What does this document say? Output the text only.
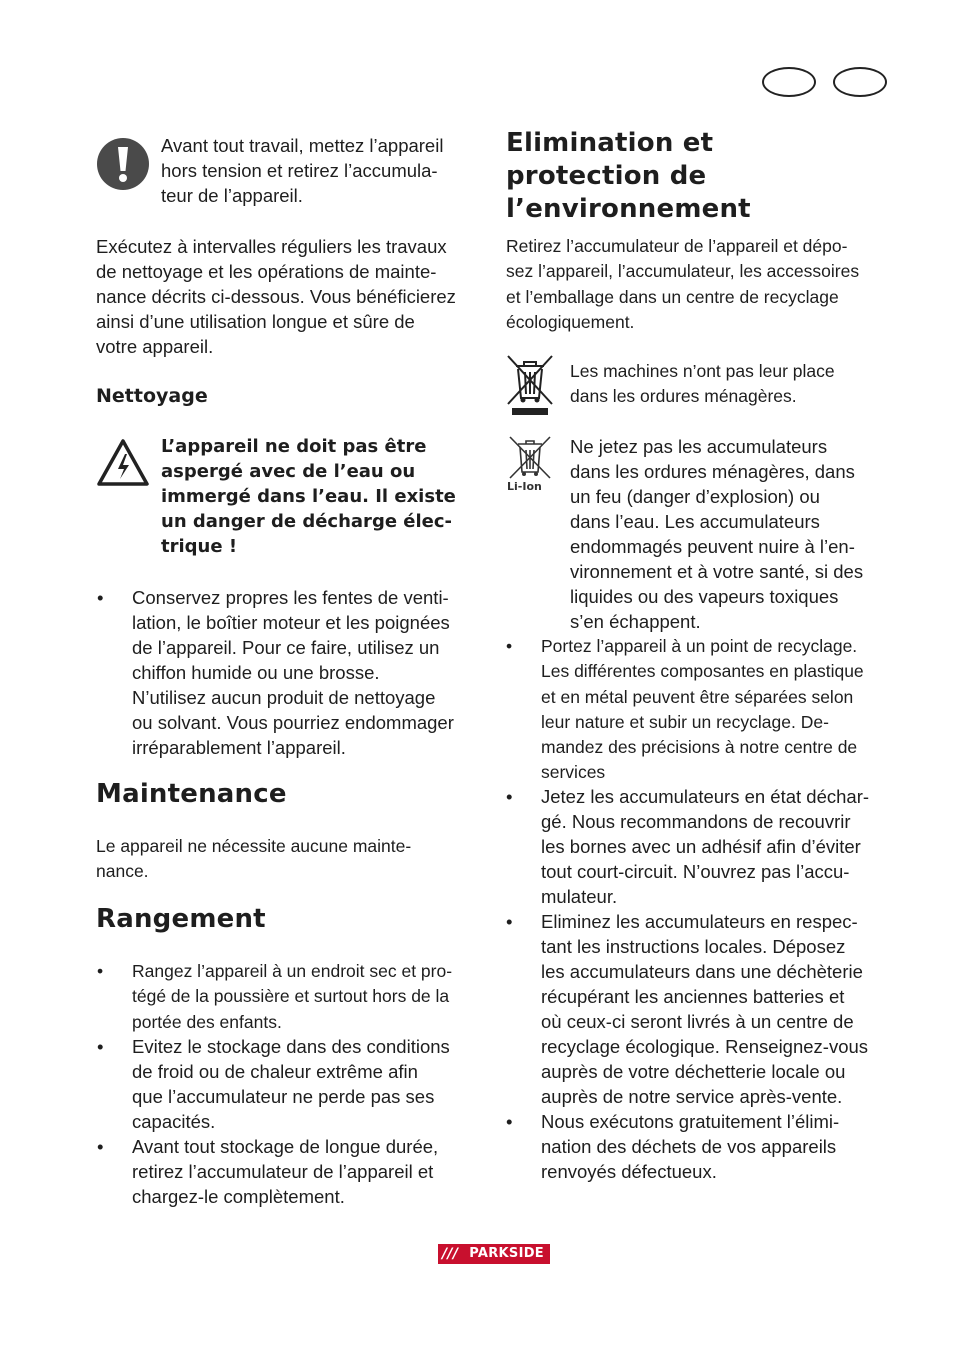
Avant tout travail, mettez l’appareil
hors tension et retirez l’accumula-
teur de l’appareil.
Exécutez à intervalles réguliers les travaux
de nettoyage et les opérations de mainte-
nance décrits ci-dessous. Vous bénéficierez
ainsi d’une utilisation longue et sûre de
votre appareil.
Nettoyage
L’appareil ne doit pas être
aspergé avec de l’eau ou
immergé dans l’eau. Il existe
un danger de décharge élec-
trique !
• Conservez propres les fentes de venti-
lation, le boîtier moteur et les poignées
de l’appareil. Pour ce faire, utilisez un
chiffon humide ou une brosse.
N’utilisez aucun produit de nettoyage
ou solvant. Vous pourriez endommager
irréparablement l’appareil.
Maintenance
Le appareil ne nécessite aucune mainte-
nance.
Rangement
• Rangez l’appareil à un endroit sec et pro-
tégé de la poussière et surtout hors de la
portée des enfants.
• Evitez le stockage dans des conditions
de froid ou de chaleur extrême afin
que l’accumulateur ne perde pas ses
capacités.
• Avant tout stockage de longue durée,
retirez l’accumulateur de l’appareil et
chargez-le complètement.
Elimination et
protection de
l’environnement
Retirez l’accumulateur de l’appareil et dépo-
sez l’appareil, l’accumulateur, les accessoires
et l’emballage dans un centre de recyclage
écologiquement.
Les machines n’ont pas leur place
dans les ordures ménagères.
Li-Ion
Ne jetez pas les accumulateurs
dans les ordures ménagères, dans
un feu (danger d’explosion) ou
dans l’eau. Les accumulateurs
endommagés peuvent nuire à l’en-
vironnement et à votre santé, si des
liquides ou des vapeurs toxiques
s’en échappent.
• Portez l’appareil à un point de recyclage.
Les différentes composantes en plastique
et en métal peuvent être séparées selon
leur nature et subir un recyclage. De-
mandez des précisions à notre centre de
services
• Jetez les accumulateurs en état déchar-
gé. Nous recommandons de recouvrir
les bornes avec un adhésif afin d’éviter
tout court-circuit. N’ouvrez pas l’accu-
mulateur.
• Eliminez les accumulateurs en respec-
tant les instructions locales. Déposez
les accumulateurs dans une déchèterie
récupérant les anciennes batteries et
où ceux-ci seront livrés à un centre de
recyclage écologique. Renseignez-vous
auprès de votre déchetterie locale ou
auprès de notre service après-vente.
• Nous exécutons gratuitement l’élimi-
nation des déchets de vos appareils
renvoyés défectueux.
/// PARKSIDE
